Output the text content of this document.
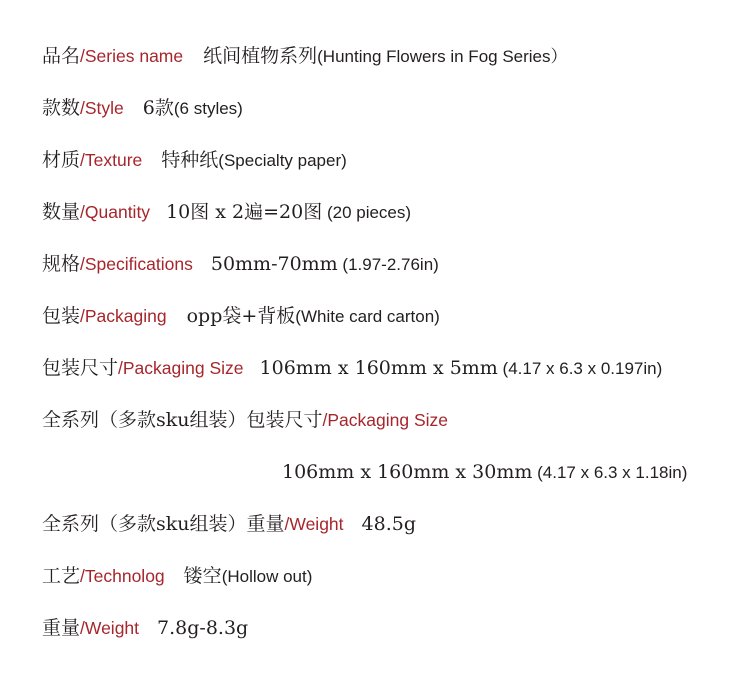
品名/Series name 纸间植物系列(Hunting Flowers in Fog Series）
款数/Style 6款(6 styles)
材质/Texture 特种纸(Specialty paper)
数量/Quantity 10图 x 2遍=20图 (20 pieces)
规格/Specifications 50mm-70mm (1.97-2.76in)
包装/Packaging opp袋+背板(White card carton)
包装尺寸/Packaging Size 106mm x 160mm x 5mm (4.17 x 6.3 x 0.197in)
全系列（多款sku组装）包装尺寸/Packaging Size
106mm x 160mm x 30mm (4.17 x 6.3 x 1.18in)
全系列（多款sku组装）重量/Weight 48.5g
工艺/Technolog 镂空(Hollow out)
重量/Weight 7.8g-8.3g
